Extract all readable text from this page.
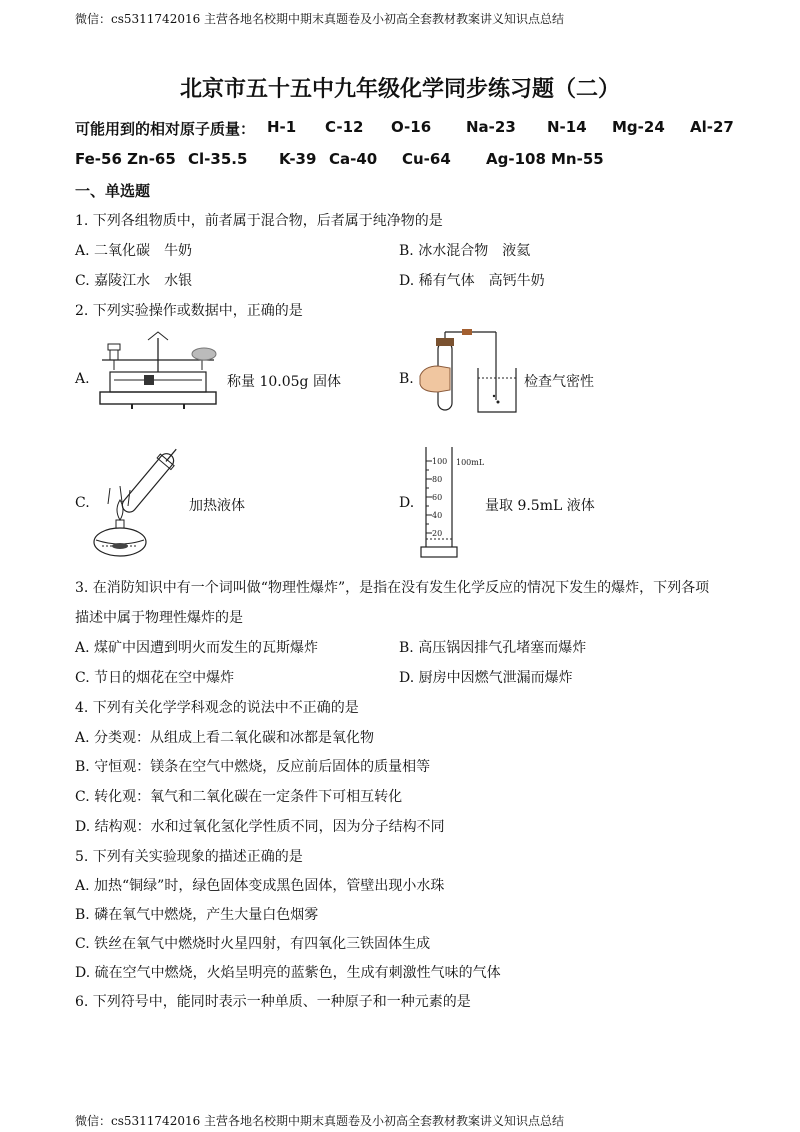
微信：cs5311742016 主营各地名校期中期末真题卷及小初高全套教材教案讲义知识点总结
北京市五十五中九年级化学同步练习题（二）
可能用到的相对原子质量： H-1 C-12 O-16 Na-23 N-14 Mg-24 Al-27
Fe-56 Zn-65 Cl-35.5 K-39 Ca-40 Cu-64 Ag-108 Mn-55
一、单选题
1. 下列各组物质中，前者属于混合物，后者属于纯净物的是
A. 二氧化碳　牛奶	B. 冰水混合物　液氦
C. 嘉陵江水　水银	D. 稀有气体　高钙牛奶
2. 下列实验操作或数据中，正确的是
A.	称量 10.05g 固体	B.	检查气密性
C.	加热液体	D.
100
80
60
40
20
100mL
量取 9.5mL 液体
3. 在消防知识中有一个词叫做“物理性爆炸”，是指在没有发生化学反应的情况下发生的爆炸，下列各项
描述中属于物理性爆炸的是
A. 煤矿中因遭到明火而发生的瓦斯爆炸	B. 高压锅因排气孔堵塞而爆炸
C. 节日的烟花在空中爆炸	D. 厨房中因燃气泄漏而爆炸
4. 下列有关化学学科观念的说法中不正确的是
A. 分类观：从组成上看二氧化碳和冰都是氧化物
B. 守恒观：镁条在空气中燃烧，反应前后固体的质量相等
C. 转化观：氧气和二氧化碳在一定条件下可相互转化
D. 结构观：水和过氧化氢化学性质不同，因为分子结构不同
5. 下列有关实验现象的描述正确的是
A. 加热“铜绿”时，绿色固体变成黑色固体，管壁出现小水珠
B. 磷在氧气中燃烧，产生大量白色烟雾
C. 铁丝在氧气中燃烧时火星四射，有四氧化三铁固体生成
D. 硫在空气中燃烧，火焰呈明亮的蓝紫色，生成有刺激性气味的气体
6. 下列符号中，能同时表示一种单质、一种原子和一种元素的是
微信：cs5311742016 主营各地名校期中期末真题卷及小初高全套教材教案讲义知识点总结
